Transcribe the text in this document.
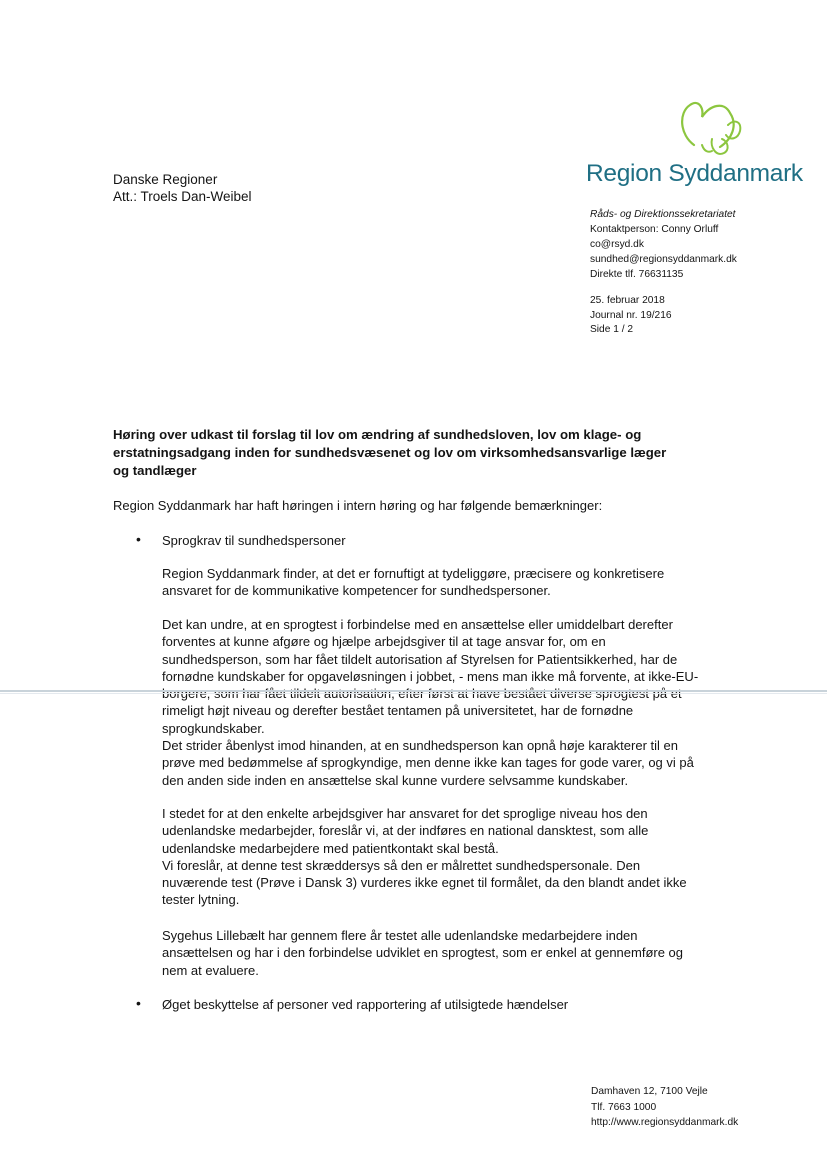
Danske Regioner
Att.: Troels Dan-Weibel
Region Syddanmark
Råds- og Direktionssekretariatet
Kontaktperson: Conny Orluff
co@rsyd.dk
sundhed@regionsyddanmark.dk
Direkte tlf. 76631135
25. februar 2018
Journal nr. 19/216
Side 1 / 2
Høring over udkast til forslag til lov om ændring af sundhedsloven, lov om klage- og erstatningsadgang inden for sundhedsvæsenet og lov om virksomhedsansvarlige læger og tandlæger
Region Syddanmark har haft høringen i intern høring og har følgende bemærkninger:
• Sprogkrav til sundhedspersoner

Region Syddanmark finder, at det er fornuftigt at tydeliggøre, præcisere og konkretisere

ansvaret for de kommunikative kompetencer for sundhedspersoner.

Det kan undre, at en sprogtest i forbindelse med en ansættelse eller umiddelbart derefter

forventes at kunne afgøre og hjælpe arbejdsgiver til at tage ansvar for, om en

sundhedsperson, som har fået tildelt autorisation af Styrelsen for Patientsikkerhed, har de

fornødne kundskaber for opgaveløsningen i jobbet, - mens man ikke må forvente, at ikke-EU-

rimeligt højt niveau og derefter bestået tentamen på universitetet, har de fornødne

sprogkundskaber.

Det strider åbenlyst imod hinanden, at en sundhedsperson kan opnå høje karakterer til en

prøve med bedømmelse af sprogkyndige, men denne ikke kan tages for gode varer, og vi på

den anden side inden en ansættelse skal kunne vurdere selvsamme kundskaber.

I stedet for at den enkelte arbejdsgiver har ansvaret for det sproglige niveau hos den

udenlandske medarbejder, foreslår vi, at der indføres en national dansktest, som alle

udenlandske medarbejdere med patientkontakt skal bestå.

Vi foreslår, at denne test skræddersys så den er målrettet sundhedspersonale. Den

nuværende test (Prøve i Dansk 3) vurderes ikke egnet til formålet, da den blandt andet ikke

tester lytning.

Sygehus Lillebælt har gennem flere år testet alle udenlandske medarbejdere inden

ansættelsen og har i den forbindelse udviklet en sprogtest, som er enkel at gennemføre og

nem at evaluere.

• Øget beskyttelse af personer ved rapportering af utilsigtede hændelser
Damhaven 12, 7100 Vejle
Tlf. 7663 1000
http://www.regionsyddanmark.dk
